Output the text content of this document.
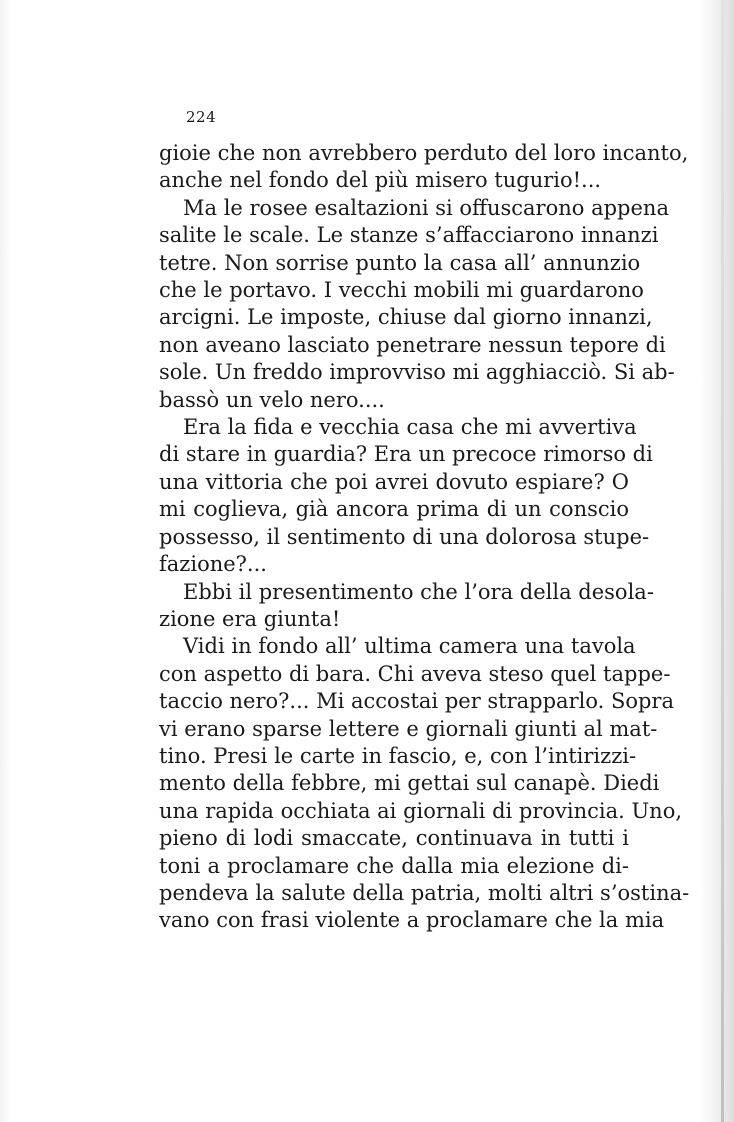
224
gioie che non avrebbero perduto del loro incanto,
anche nel fondo del più misero tugurio!...
Ma le rosee esaltazioni si offuscarono appena
salite le scale. Le stanze s’affacciarono innanzi
tetre. Non sorrise punto la casa all’ annunzio
che le portavo. I vecchi mobili mi guardarono
arcigni. Le imposte, chiuse dal giorno innanzi,
non aveano lasciato penetrare nessun tepore di
sole. Un freddo improvviso mi agghiacciò. Si ab-
bassò un velo nero....
Era la fida e vecchia casa che mi avvertiva
di stare in guardia? Era un precoce rimorso di
una vittoria che poi avrei dovuto espiare? O
mi coglieva, già ancora prima di un conscio
possesso, il sentimento di una dolorosa stupe-
fazione?...
Ebbi il presentimento che l’ora della desola-
zione era giunta!
Vidi in fondo all’ ultima camera una tavola
con aspetto di bara. Chi aveva steso quel tappe-
taccio nero?... Mi accostai per strapparlo. Sopra
vi erano sparse lettere e giornali giunti al mat-
tino. Presi le carte in fascio, e, con l’intirizzi-
mento della febbre, mi gettai sul canapè. Diedi
una rapida occhiata ai giornali di provincia. Uno,
pieno di lodi smaccate, continuava in tutti i
toni a proclamare che dalla mia elezione di-
pendeva la salute della patria, molti altri s’ostina-
vano con frasi violente a proclamare che la mia
